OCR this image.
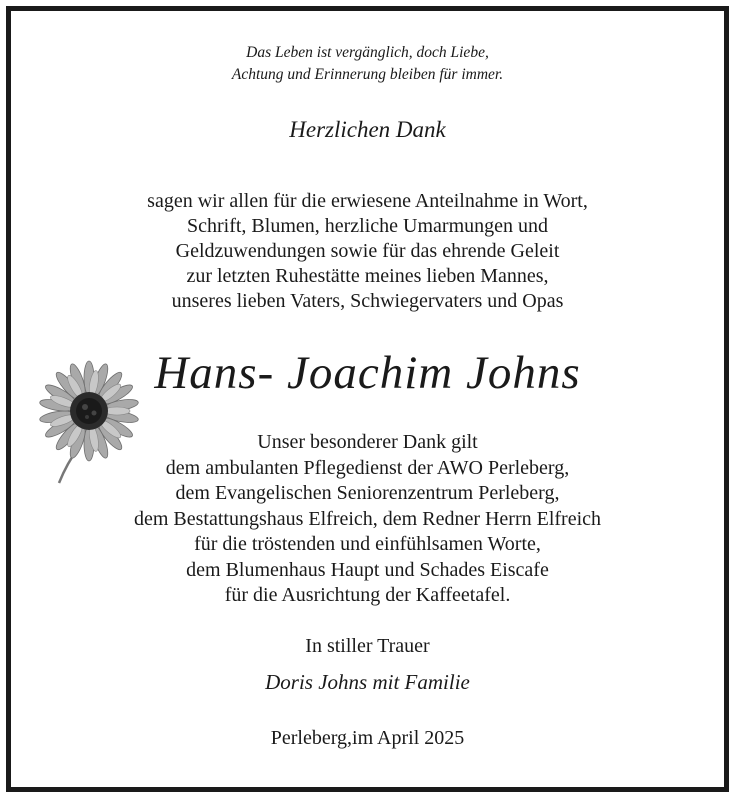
Das Leben ist vergänglich, doch Liebe,
Achtung und Erinnerung bleiben für immer.
Herzlichen Dank
sagen wir allen für die erwiesene Anteilnahme in Wort,
Schrift, Blumen, herzliche Umarmungen und
Geldzuwendungen sowie für das ehrende Geleit
zur letzten Ruhestätte meines lieben Mannes,
unseres lieben Vaters, Schwiegervaters und Opas
Hans- Joachim Johns
Unser besonderer Dank gilt
dem ambulanten Pflegedienst der AWO Perleberg,
dem Evangelischen Seniorenzentrum Perleberg,
dem Bestattungshaus Elfreich, dem Redner Herrn Elfreich
für die tröstenden und einfühlsamen Worte,
dem Blumenhaus Haupt und Schades Eiscafe
für die Ausrichtung der Kaffeetafel.
In stiller Trauer
Doris Johns mit Familie
Perleberg,im April 2025
